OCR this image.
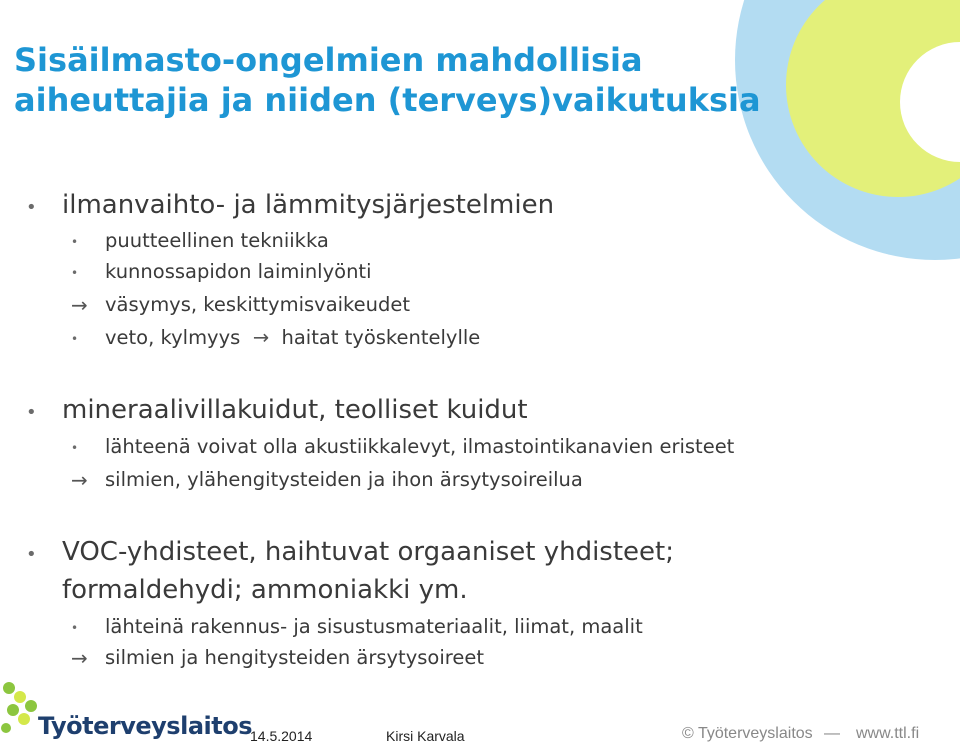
Sisäilmasto-ongelmien mahdollisia
aiheuttajia ja niiden (terveys)vaikutuksia
• ilmanvaihto- ja lämmitysjärjestelmien
• puutteellinen tekniikka
• kunnossapidon laiminlyönti
→ väsymys, keskittymisvaikeudet
• veto, kylmyys  →  haitat työskentelylle
• mineraalivillakuidut, teolliset kuidut
• lähteenä voivat olla akustiikkalevyt, ilmastointikanavien eristeet
→ silmien, ylähengitysteiden ja ihon ärsytysoireilua
• VOC-yhdisteet, haihtuvat orgaaniset yhdisteet;
formaldehydi; ammoniakki ym.
• lähteinä rakennus- ja sisustusmateriaalit, liimat, maalit
→ silmien ja hengitysteiden ärsytysoireet
Työterveyslaitos
14.5.2014	Kirsi Karvala	© Työterveyslaitos — www.ttl.fi
